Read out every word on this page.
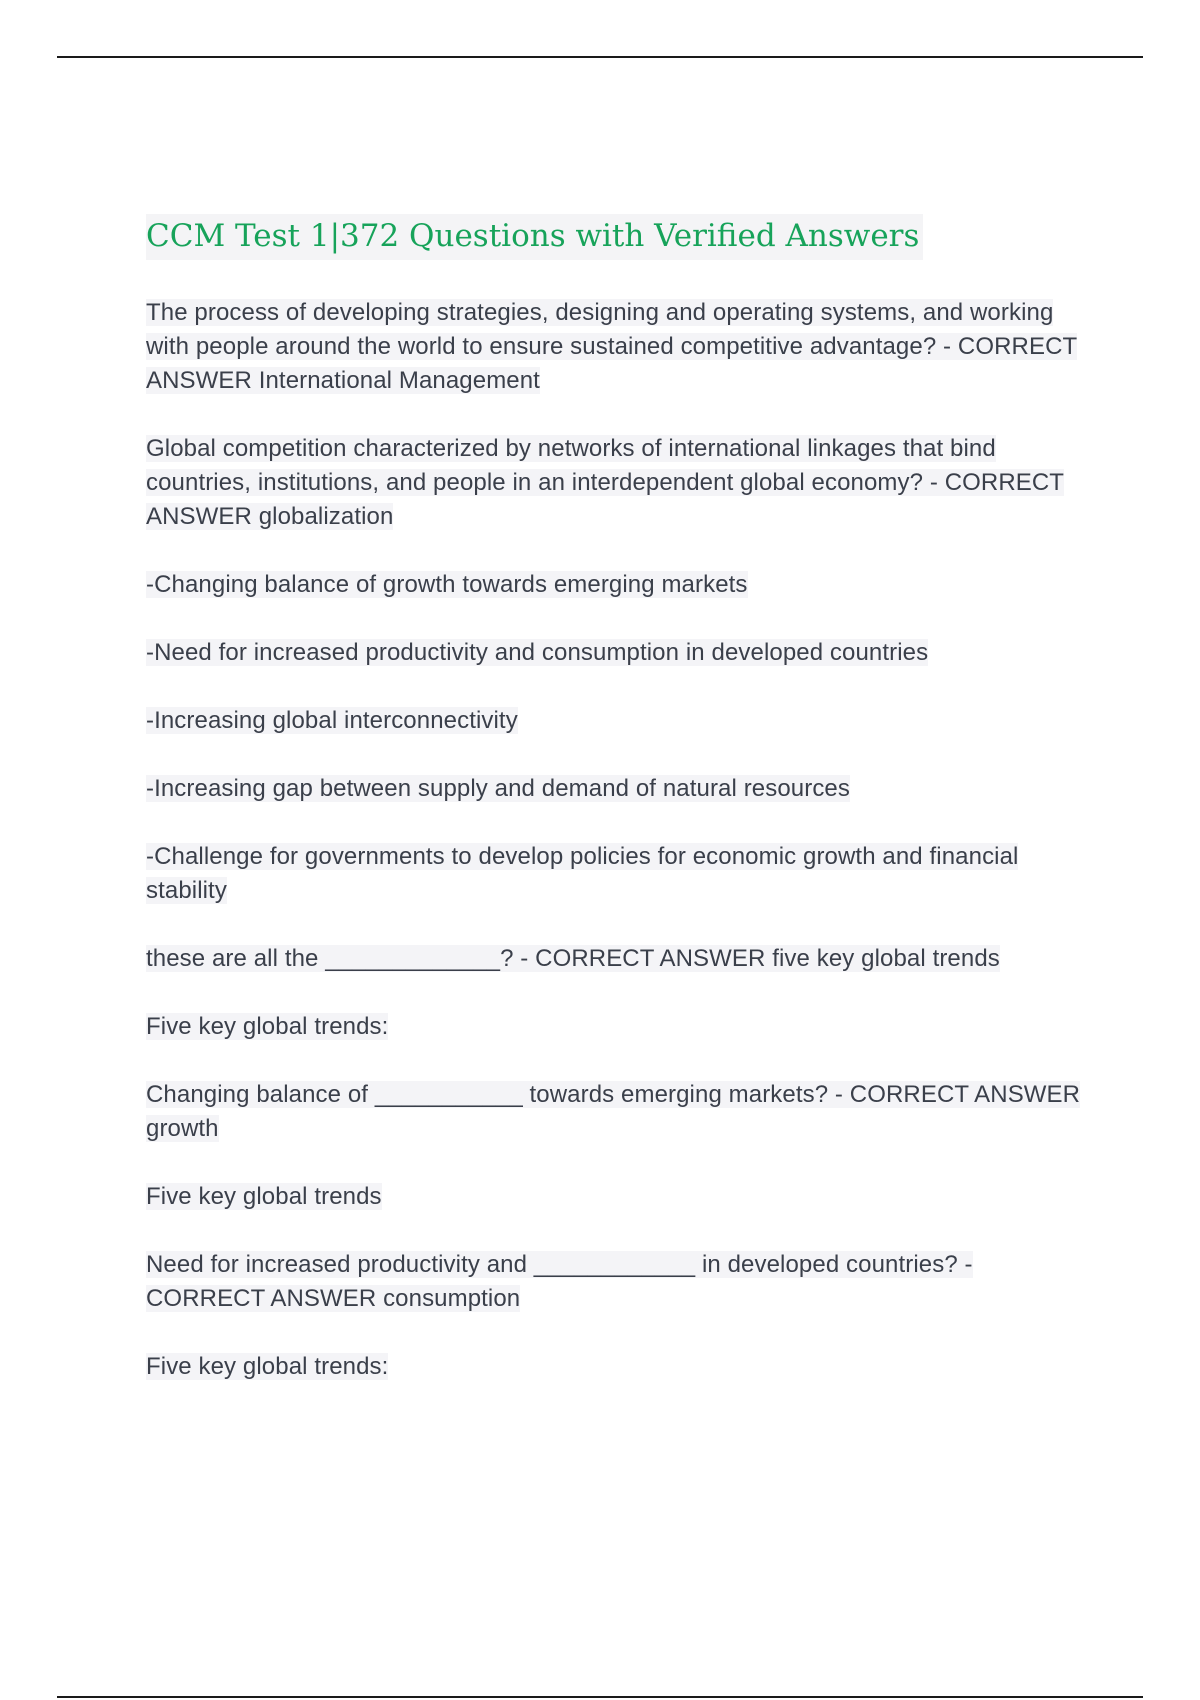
CCM Test 1|372 Questions with Verified Answers

The process of developing strategies, designing and operating systems, and working with people around the world to ensure sustained competitive advantage? - CORRECT ANSWER International Management

Global competition characterized by networks of international linkages that bind countries, institutions, and people in an interdependent global economy? - CORRECT ANSWER globalization

-Changing balance of growth towards emerging markets

-Need for increased productivity and consumption in developed countries

-Increasing global interconnectivity

-Increasing gap between supply and demand of natural resources

-Challenge for governments to develop policies for economic growth and financial stability

these are all the _____________? - CORRECT ANSWER five key global trends

Five key global trends:

Changing balance of ___________ towards emerging markets? - CORRECT ANSWER growth

Five key global trends

Need for increased productivity and ____________ in developed countries? - CORRECT ANSWER consumption

Five key global trends:
